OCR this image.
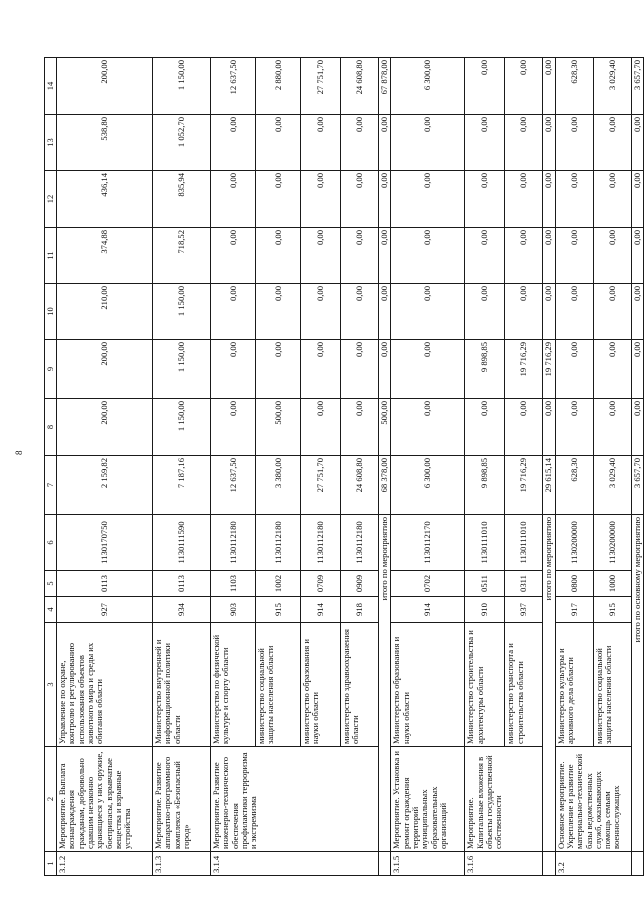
8
1	2	3	4	5	6	7	8	9	10	11	12	13	14
3.1.2	Мероприятие. Выплата вознаграждения гражданам, добровольно сдавшим незаконно хранящиеся у них оружие, боеприпасы, взрывчатые вещества и взрывные устройства	Управление по охране, контролю и регулированию использования объектов животного мира и среды их обитания области	927	0113	1130170750	2 159,82	200,00	200,00	210,00	374,88	436,14	538,80	200,00
3.1.3	Мероприятие. Развитие аппаратно-программного комплекса «Безопасный город»	Министерство внутренней и информационной политики области	934	0113	1130111590	7 187,16	1 150,00	1 150,00	1 150,00	718,52	835,94	1 052,70	1 150,00
3.1.4	Мероприятие. Развитие инженерно-технического обеспечения профилактики терроризма и экстремизма	Министерство по физической культуре и спорту области	903	1103	1130112180	12 637,50	0,00	0,00	0,00	0,00	0,00	0,00	12 637,50
		министерство социальной защиты населения области	915	1002	1130112180	3 380,00	500,00	0,00	0,00	0,00	0,00	0,00	2 880,00
		министерство образования и науки области	914	0709	1130112180	27 751,70	0,00	0,00	0,00	0,00	0,00	0,00	27 751,70
		министерство здравоохранения области	918	0909	1130112180	24 608,80	0,00	0,00	0,00	0,00	0,00	0,00	24 608,80
	итого по мероприятию					68 378,00	500,00	0,00	0,00	0,00	0,00	0,00	67 878,00
3.1.5	Мероприятие. Установка и ремонт ограждения территорий муниципальных образовательных организаций	Министерство образования и науки области	914	0702	1130112170	6 300,00	0,00	0,00	0,00	0,00	0,00	0,00	6 300,00
3.1.6	Мероприятие. Капитальные вложения в объекты государственной собственности	Министерство строительства и архитектуры области	910	0511	1130111010	9 898,85	0,00	9 898,85	0,00	0,00	0,00	0,00	0,00
		министерство транспорта и строительства области	937	0311	1130111010	19 716,29	0,00	19 716,29	0,00	0,00	0,00	0,00	0,00
	итого по мероприятию					29 615,14	0,00	19 716,29	0,00	0,00	0,00	0,00	0,00
3.2	Основное мероприятие. Укрепление и развитие материально-технической базы ведомственных служб, оказывающих помощь семьям военнослужащих	Министерство культуры и архивного дела области	917	0800	1130200000	628,30	0,00	0,00	0,00	0,00	0,00	0,00	628,30
		министерство социальной защиты населения области	915	1000	1130200000	3 029,40	0,00	0,00	0,00	0,00	0,00	0,00	3 029,40
	итого по основному мероприятию					3 657,70	0,00	0,00	0,00	0,00	0,00	0,00	3 657,70
